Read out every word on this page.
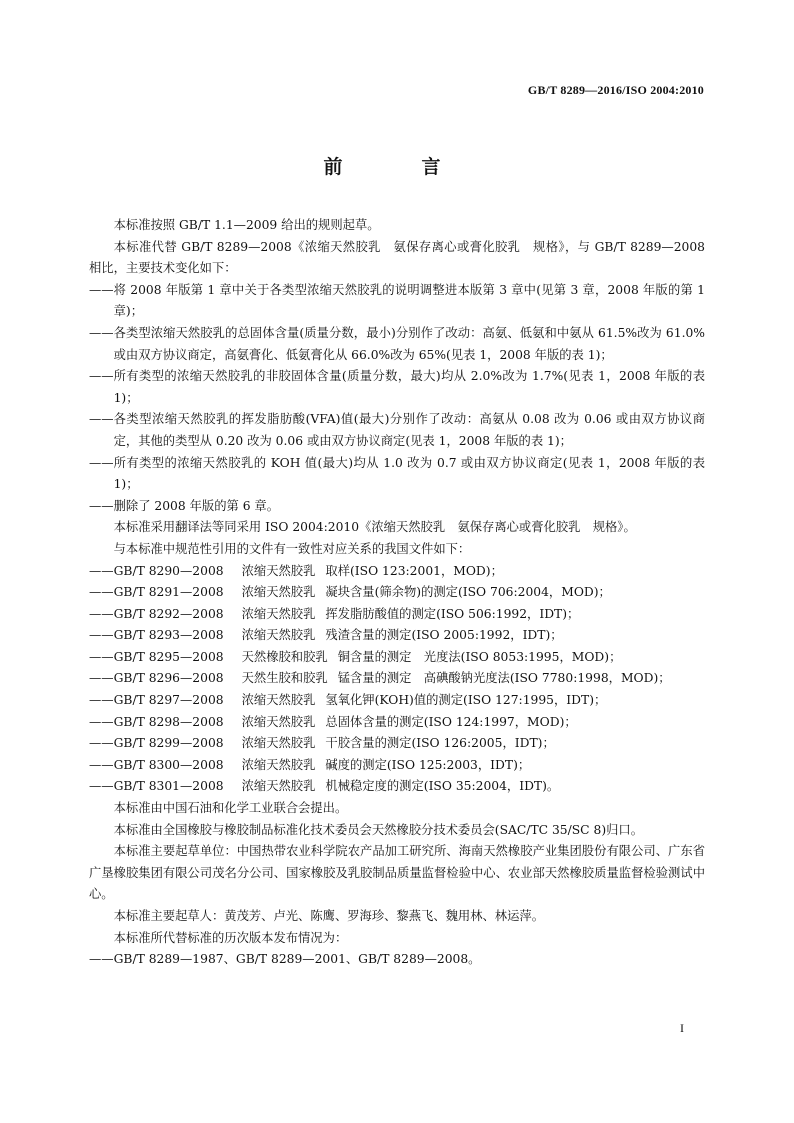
GB/T 8289—2016/ISO 2004:2010
前　言

本标准按照 GB/T 1.1—2009 给出的规则起草。

本标准代替 GB/T 8289—2008《浓缩天然胶乳　氨保存离心或膏化胶乳　规格》，与 GB/T 8289—2008 相比，主要技术变化如下：

—— 将 2008 年版第 1 章中关于各类型浓缩天然胶乳的说明调整进本版第 3 章中(见第 3 章，2008 年版的第 1 章)；

—— 各类型浓缩天然胶乳的总固体含量(质量分数，最小)分别作了改动：高氨、低氨和中氨从 61.5%改为 61.0%或由双方协议商定，高氨膏化、低氨膏化从 66.0%改为 65%(见表 1，2008 年版的表 1)；

—— 所有类型的浓缩天然胶乳的非胶固体含量(质量分数，最大)均从 2.0%改为 1.7%(见表 1，2008 年版的表 1)；

—— 各类型浓缩天然胶乳的挥发脂肪酸(VFA)值(最大)分别作了改动：高氨从 0.08 改为 0.06 或由双方协议商定，其他的类型从 0.20 改为 0.06 或由双方协议商定(见表 1，2008 年版的表 1)；

—— 所有类型的浓缩天然胶乳的 KOH 值(最大)均从 1.0 改为 0.7 或由双方协议商定(见表 1，2008 年版的表 1)；

—— 删除了 2008 年版的第 6 章。

本标准采用翻译法等同采用 ISO 2004:2010《浓缩天然胶乳　氨保存离心或膏化胶乳　规格》。

与本标准中规范性引用的文件有一致性对应关系的我国文件如下：

——GB/T 8290—2008 浓缩天然胶乳 取样(ISO 123:2001，MOD)；

——GB/T 8291—2008 浓缩天然胶乳 凝块含量(筛余物)的测定(ISO 706:2004，MOD)；

——GB/T 8292—2008 浓缩天然胶乳 挥发脂肪酸值的测定(ISO 506:1992，IDT)；

——GB/T 8293—2008 浓缩天然胶乳 残渣含量的测定(ISO 2005:1992，IDT)；

——GB/T 8295—2008 天然橡胶和胶乳 铜含量的测定　光度法(ISO 8053:1995，MOD)；

——GB/T 8296—2008 天然生胶和胶乳 锰含量的测定　高碘酸钠光度法(ISO 7780:1998，MOD)；

——GB/T 8297—2008 浓缩天然胶乳 氢氧化钾(KOH)值的测定(ISO 127:1995，IDT)；

——GB/T 8298—2008 浓缩天然胶乳 总固体含量的测定(ISO 124:1997，MOD)；

——GB/T 8299—2008 浓缩天然胶乳 干胶含量的测定(ISO 126:2005，IDT)；

——GB/T 8300—2008 浓缩天然胶乳 碱度的测定(ISO 125:2003，IDT)；

——GB/T 8301—2008 浓缩天然胶乳 机械稳定度的测定(ISO 35:2004，IDT)。

本标准由中国石油和化学工业联合会提出。

本标准由全国橡胶与橡胶制品标准化技术委员会天然橡胶分技术委员会(SAC/TC 35/SC 8)归口。

本标准主要起草单位：中国热带农业科学院农产品加工研究所、海南天然橡胶产业集团股份有限公司、广东省广垦橡胶集团有限公司茂名分公司、国家橡胶及乳胶制品质量监督检验中心、农业部天然橡胶质量监督检验测试中心。

本标准主要起草人：黄茂芳、卢光、陈鹰、罗海珍、黎燕飞、魏用林、林运萍。

本标准所代替标准的历次版本发布情况为：

—— GB/T 8289—1987、GB/T 8289—2001、GB/T 8289—2008。

I
